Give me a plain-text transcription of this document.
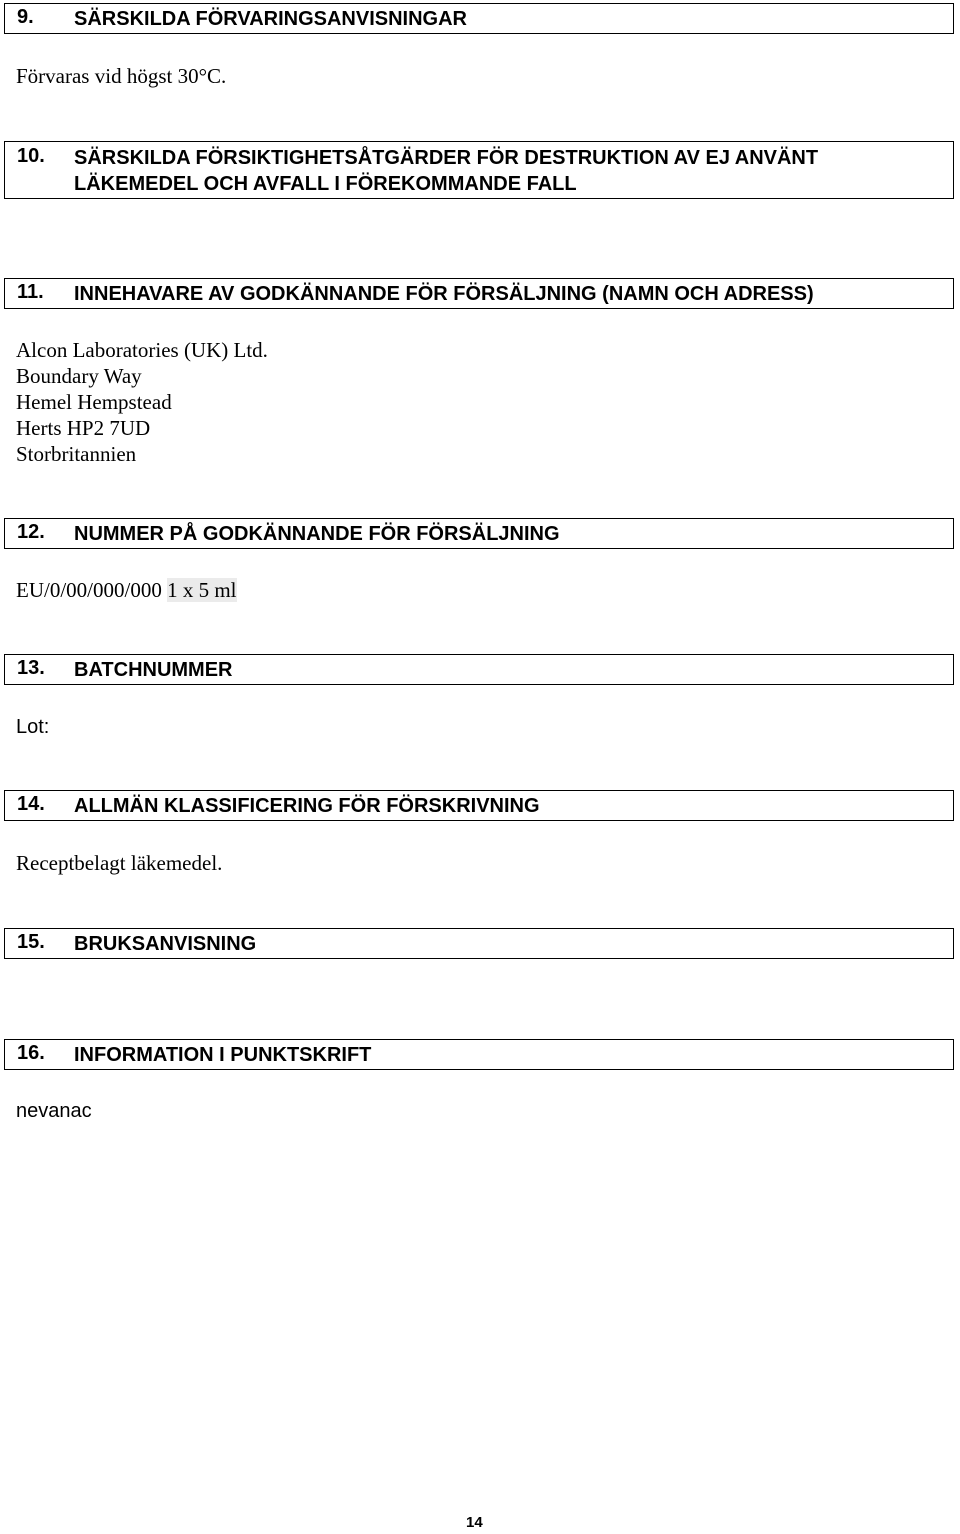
9. SÄRSKILDA FÖRVARINGSANVISNINGAR
Förvaras vid högst 30°C.
10. SÄRSKILDA FÖRSIKTIGHETSÅTGÄRDER FÖR DESTRUKTION AV EJ ANVÄNT
LÄKEMEDEL OCH AVFALL I FÖREKOMMANDE FALL
11. INNEHAVARE AV GODKÄNNANDE FÖR FÖRSÄLJNING (NAMN OCH ADRESS)
Alcon Laboratories (UK) Ltd.
Boundary Way
Hemel Hempstead
Herts HP2 7UD
Storbritannien
12. NUMMER PÅ GODKÄNNANDE FÖR FÖRSÄLJNING
EU/0/00/000/000 1 x 5 ml
13. BATCHNUMMER
Lot:
14. ALLMÄN KLASSIFICERING FÖR FÖRSKRIVNING
Receptbelagt läkemedel.
15. BRUKSANVISNING
16. INFORMATION I PUNKTSKRIFT
nevanac
14
